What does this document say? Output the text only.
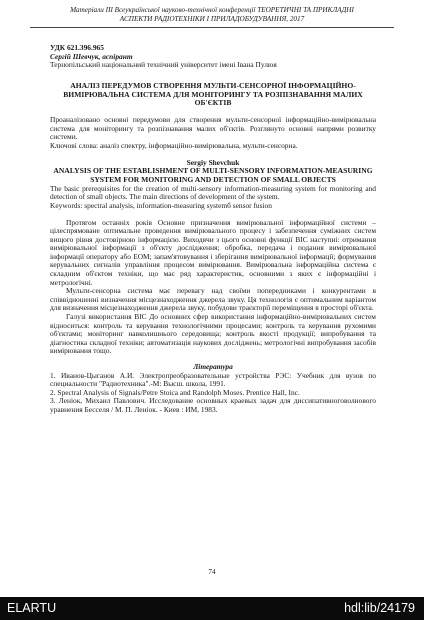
Матеріали ІІІ Всеукраїнської науково-технічної конференції ТЕОРЕТИЧНІ ТА ПРИКЛАДНІ
АСПЕКТИ РАДІОТЕХНІКИ І ПРИЛАДОБУДУВАННЯ, 2017
УДК 621.396.965
Сергій Шевчук, аспірант
Тернопільський національний технічний університет імені Івана Пулюя
АНАЛІЗ ПЕРЕДУМОВ СТВОРЕННЯ МУЛЬТИ-СЕНСОРНОЇ ІНФОРМАЦІЙНО-ВИМІРЮВАЛЬНА СИСТЕМА ДЛЯ МОНІТОРИНГУ ТА РОЗПІЗНАВАННЯ МАЛИХ ОБ'ЄКТІВ

Проаналізовано основні передумови для створення мульти-сенсорної інформаційно-вимірювальна система для моніторингу та розпізнавання малих об'єктів. Розглянуто основні напрями розвитку системи.

Ключові слова: аналіз спектру, інформаційно-вимірювальна, мульти-сенсорна.

Sergiy Shevchuk
ANALYSIS OF THE ESTABLISHMENT OF MULTI-SENSORY INFORMATION-MEASURING SYSTEM FOR MONITORING AND DETECTION OF SMALL OBJECTS

The basic prerequisites for the creation of multi-sensory information-measuring system for monitoring and detection of small objects. The main directions of development of the system.

Keywords: spectral analysis, information-measuring systemб sensor fusion

Протягом останніх років Основне призначення вимірювальної інформаційної системи – цілеспрямоване оптимальне проведення вимірювального процесу і забезпечення суміжних систем вищого рівня достовірною інформацією. Виходячи з цього основні функції ВІС наступні: отримання вимірювальної інформації з об'єкту дослідження; обробка, передача і подання вимірювальної інформації оператору або ЕОМ; запам'ятовування і зберігання вимірювальної інформації; формування керувальних сигналів управління процесом вимірювання. Вимірювальна інформаційна система є складним об'єктом техніки, що має ряд характеристик, основними з яких є інформаційні і метрологічні.

Мульти-сенсорна система має перевагу над своїми попередниками і конкурентами в співвідношенні визначення місцезнаходження джерела звуку. Ця технологія є оптимальним варіантом для визначення місцезнаходження джерела звуку, побудови траєкторії переміщення в просторі об'єкта.

Галузі використання ВІС До основних сфер використання інформаційно-вимірювальних систем відноситься: контроль та керування технологічними процесами; контроль та керування рухомими об'єктами; моніторинг навколишнього середовища; контроль якості продукції; випробування та діагностика складної техніки; автоматизація наукових досліджень; метрологічні випробування засобів вимірювання тощо.

Література

1. Иванов-Цыганов А.И. Электропреобразовательные устройства РЭС: Учебник для вузов по специальности "Радиотехника".-М: Высш. школа, 1991.

2. Spectral Analysis of Signals/Petre Stoica and Randolph Moses. Prentice Hall, Inc.

3. Леніок, Михаил Павлович. Исследование основных краевых задач для диссипативноговолнового уравнения Бесселя / М. П. Леніок. - Киев : ИМ, 1983.

74
ELARTU	hdl:lib/24179
